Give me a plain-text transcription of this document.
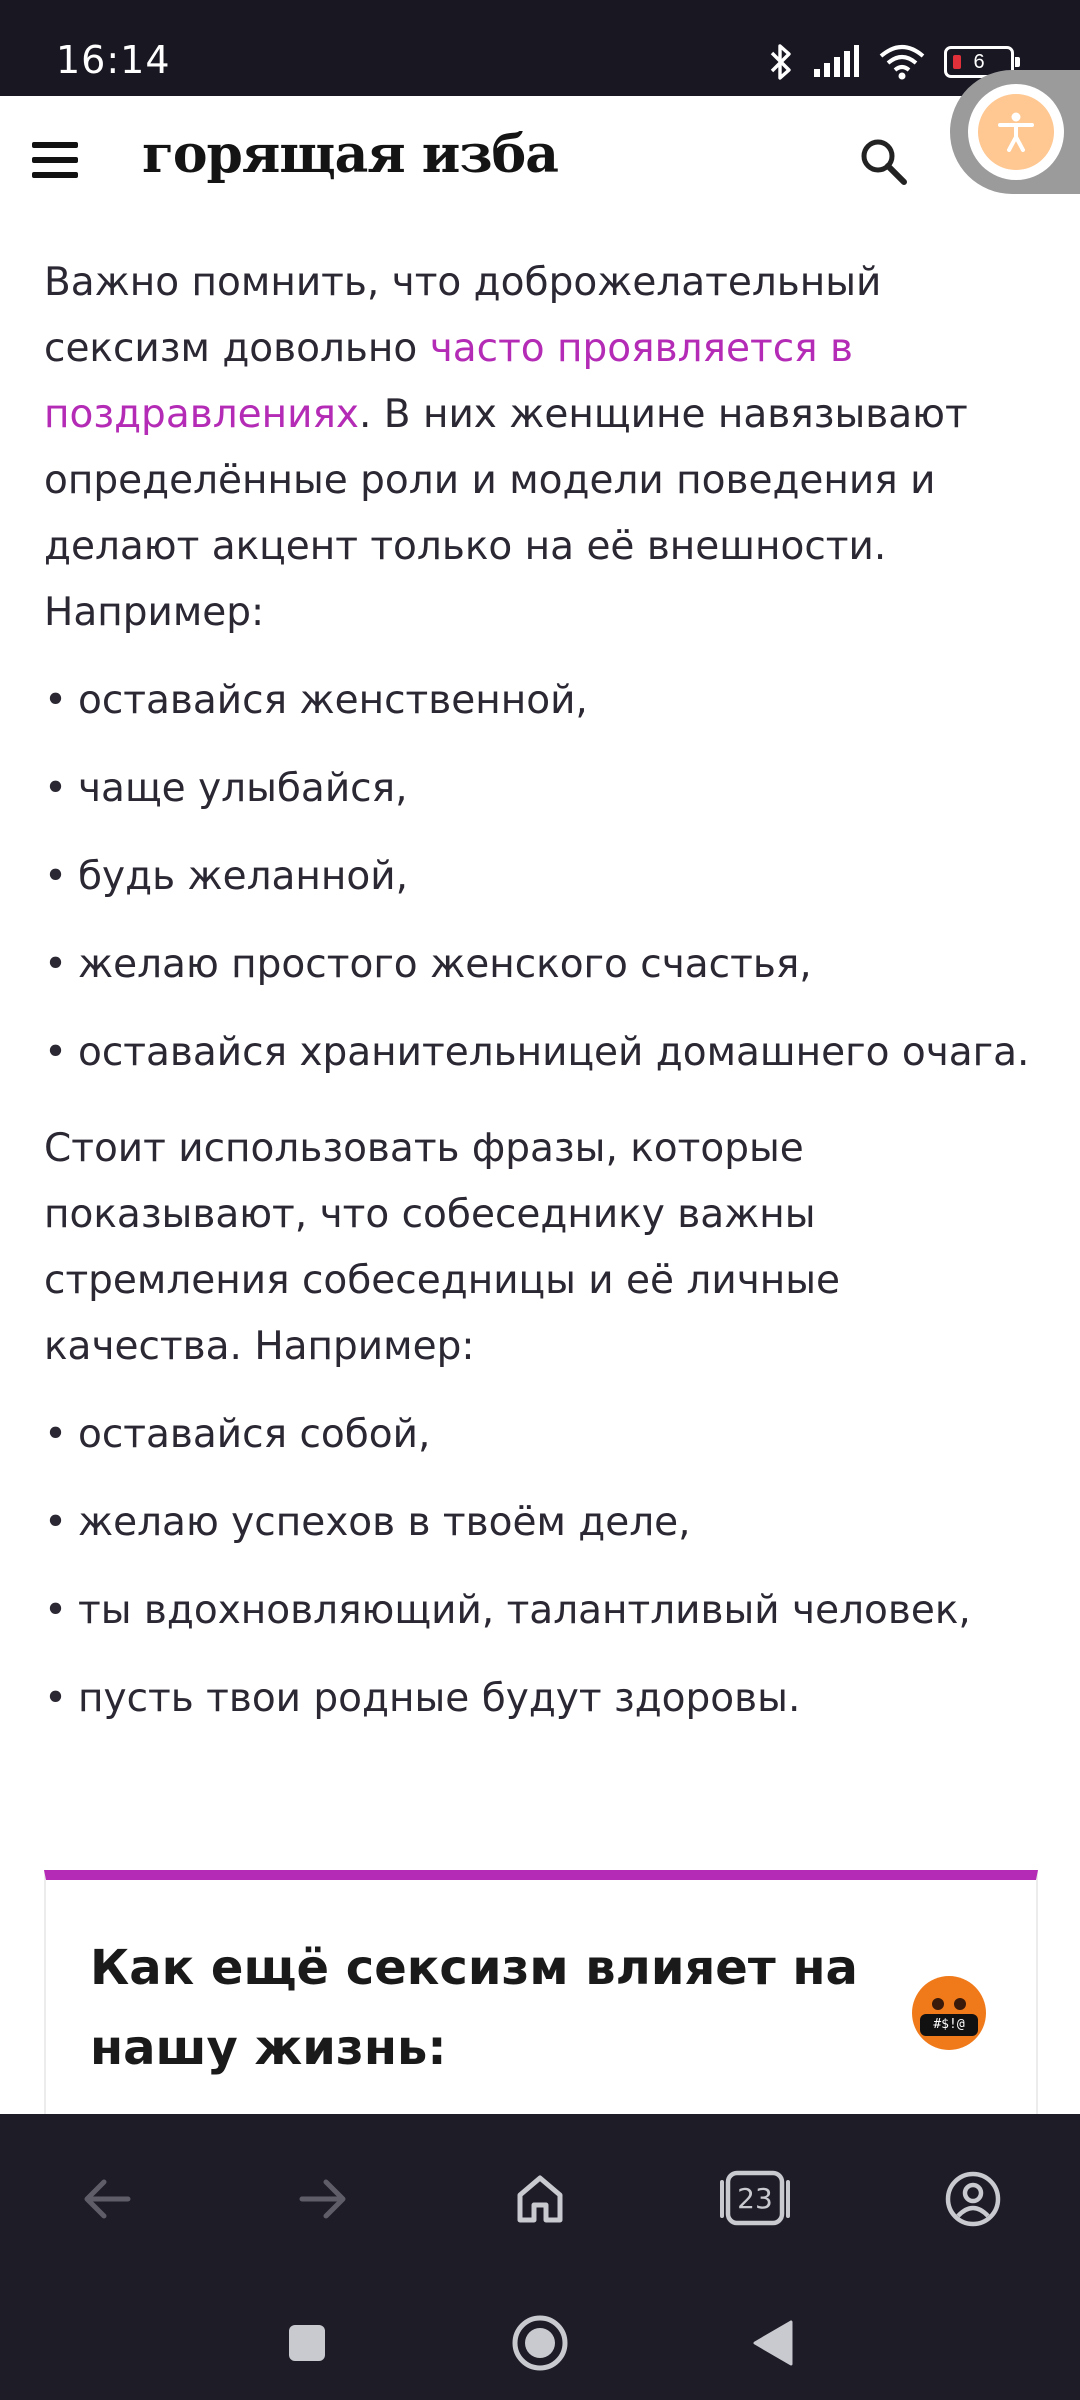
16:14	6
горящая изба

Важно помнить, что доброжелательный сексизм довольно часто проявляется в поздравлениях. В них женщине навязывают определённые роли и модели поведения и делают акцент только на её внешности. Например:

• оставайся женственной,
• чаще улыбайся,
• будь желанной,
• желаю простого женского счастья,
• оставайся хранительницей домашнего очага.

Стоит использовать фразы, которые показывают, что собеседнику важны стремления собеседницы и её личные качества. Например:

• оставайся собой,
• желаю успехов в твоём деле,
• ты вдохновляющий, талантливый человек,
• пусть твои родные будут здоровы.
Как ещё сексизм влияет на нашу жизнь:	#$!@
23
